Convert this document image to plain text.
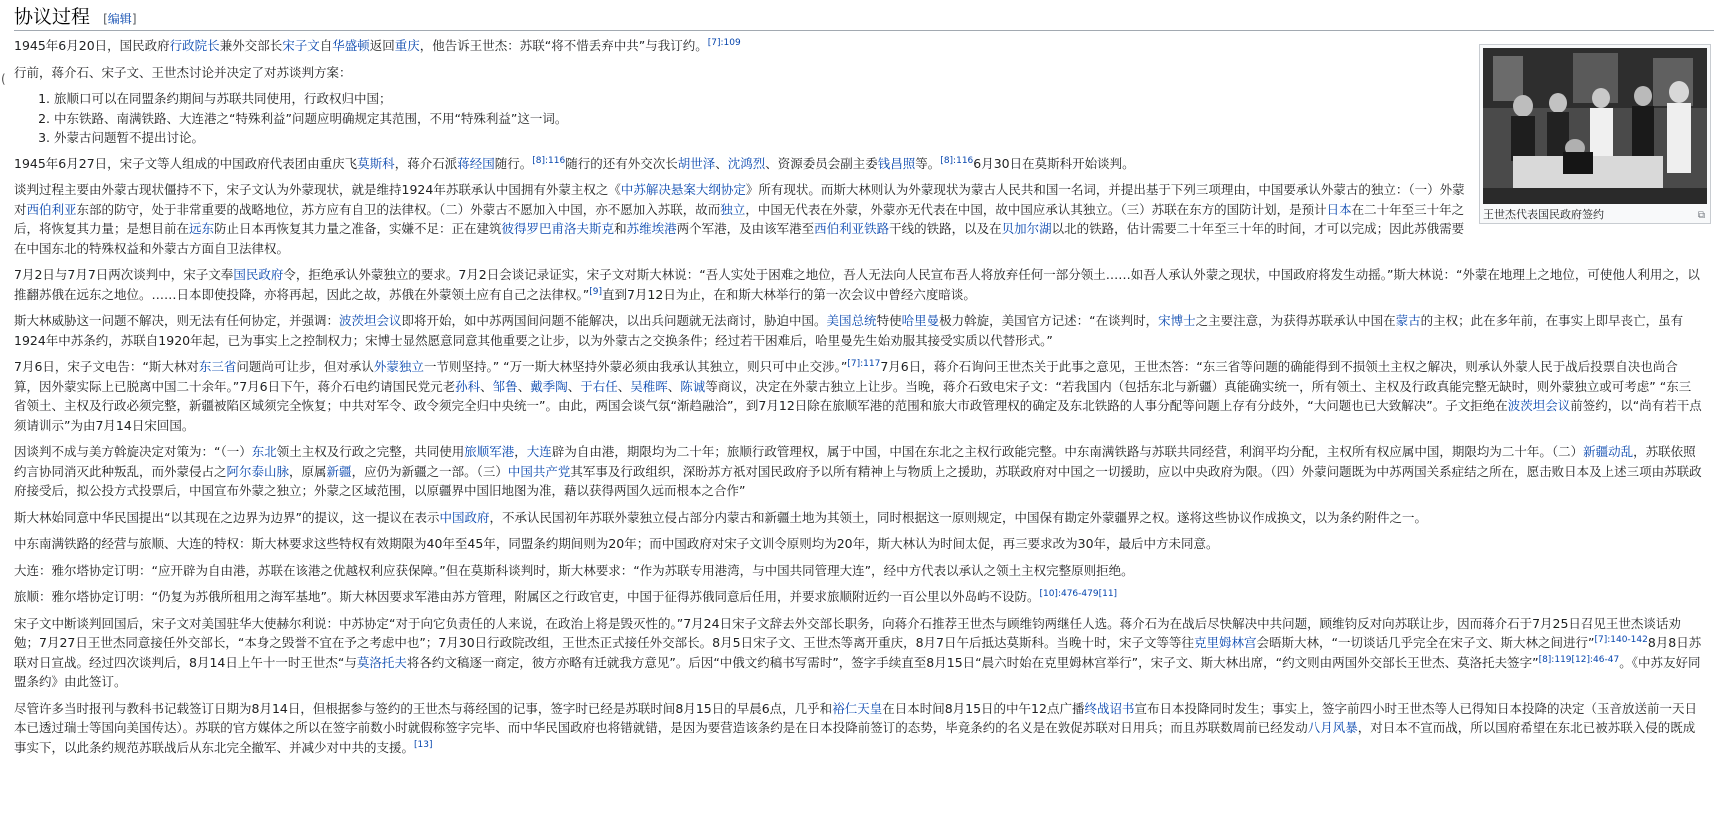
协议过程 [编辑]
(
王世杰代表国民政府签约	⧉

1945年6月20日，国民政府行政院长兼外交部长宋子文自华盛顿返回重庆，他告诉王世杰：苏联“将不惜丢弃中共”与我订约。$^{[7]:109}$

行前，蒋介石、宋子文、王世杰讨论并决定了对苏谈判方案：

1. 旅顺口可以在同盟条约期间与苏联共同使用，行政权归中国；
2. 中东铁路、南满铁路、大连港之“特殊利益”问题应明确规定其范围，不用“特殊利益”这一词。
3. 外蒙古问题暂不提出讨论。

1945年6月27日，宋子文等人组成的中国政府代表团由重庆飞莫斯科，蒋介石派蒋经国随行。$^{[8]:116}$随行的还有外交次长胡世泽、沈鸿烈、资源委员会副主委钱昌照等。$^{[8]:116}$6月30日在莫斯科开始谈判。

谈判过程主要由外蒙古现状僵持不下，宋子文认为外蒙现状，就是维持1924年苏联承认中国拥有外蒙主权之《中苏解决悬案大纲协定》所有现状。而斯大林则认为外蒙现状为蒙古人民共和国一名词，并提出基于下列三项理由，中国要承认外蒙古的独立：（一）外蒙对西伯利亚东部的防守，处于非常重要的战略地位，苏方应有自卫的法律权。（二）外蒙古不愿加入中国，亦不愿加入苏联，故而独立，中国无代表在外蒙，外蒙亦无代表在中国，故中国应承认其独立。（三）苏联在东方的国防计划，是预计日本在二十年至三十年之后，将恢复其力量；是想目前在远东防止日本再恢复其力量之准备，实嫌不足：正在建筑彼得罗巴甫洛夫斯克和苏维埃港两个军港，及由该军港至西伯利亚铁路干线的铁路，以及在贝加尔湖以北的铁路，估计需要二十年至三十年的时间，才可以完成；因此苏俄需要在中国东北的特殊权益和外蒙古方面自卫法律权。

7月2日与7月7日两次谈判中，宋子文奉国民政府令，拒绝承认外蒙独立的要求。7月2日会谈记录证实，宋子文对斯大林说：“吾人实处于困难之地位，吾人无法向人民宣布吾人将放弃任何一部分领土……如吾人承认外蒙之现状，中国政府将发生动摇。”斯大林说：“外蒙在地理上之地位，可使他人利用之，以推翻苏俄在远东之地位。……日本即使投降，亦将再起，因此之故，苏俄在外蒙领土应有自己之法律权。”[9]直到7月12日为止，在和斯大林举行的第一次会议中曾经六度暗谈。

斯大林威胁这一问题不解决，则无法有任何协定，并强调：波茨坦会议即将开始，如中苏两国间问题不能解决，以出兵问题就无法商讨，胁迫中国。美国总统特使哈里曼极力斡旋，美国官方记述：“在谈判时，宋博士之主要注意，为获得苏联承认中国在蒙古的主权；此在多年前，在事实上即早丧亡，虽有1924年中苏条约，苏联自1920年起，已为事实上之控制权力；宋博士显然愿意同意其他重要之让步，以为外蒙古之交换条件；经过若干困难后，哈里曼先生始劝服其接受实质以代替形式。”

7月6日，宋子文电告：“斯大林对东三省问题尚可让步，但对承认外蒙独立一节则坚持。” “万一斯大林坚持外蒙必须由我承认其独立，则只可中止交涉。”$^{[7]:117}$7月6日，蒋介石询问王世杰关于此事之意见，王世杰答：“东三省等问题的确能得到不损领土主权之解决，则承认外蒙人民于战后投票自决也尚合算，因外蒙实际上已脱离中国二十余年。”7月6日下午，蒋介石电约请国民党元老孙科、邹鲁、戴季陶、于右任、吴稚晖、陈诚等商议，决定在外蒙古独立上让步。当晚，蒋介石致电宋子文：“若我国内（包括东北与新疆）真能确实统一，所有领土、主权及行政真能完整无缺时，则外蒙独立或可考虑” “东三省领土、主权及行政必须完整，新疆被陷区域须完全恢复；中共对军令、政令须完全归中央统一”。由此，两国会谈气氛“渐趋融洽”，到7月12日除在旅顺军港的范围和旅大市政管理权的确定及东北铁路的人事分配等问题上存有分歧外，“大问题也已大致解决”。子文拒绝在波茨坦会议前签约，以“尚有若干点须请训示”为由7月14日宋回国。

因谈判不成与美方斡旋决定对策为：“（一）东北领土主权及行政之完整，共同使用旅顺军港，大连辟为自由港，期限均为二十年；旅顺行政管理权，属于中国，中国在东北之主权行政能完整。中东南满铁路与苏联共同经营，利润平均分配，主权所有权应属中国，期限均为二十年。（二）新疆动乱，苏联依照约言协同消灭此种叛乱，而外蒙侵占之阿尔泰山脉，原属新疆，应仍为新疆之一部。（三）中国共产党其军事及行政组织，深盼苏方祇对国民政府予以所有精神上与物质上之援助，苏联政府对中国之一切援助，应以中央政府为限。（四）外蒙问题既为中苏两国关系症结之所在，愿击败日本及上述三项由苏联政府接受后，拟公投方式投票后，中国宣布外蒙之独立；外蒙之区域范围，以原疆界中国旧地图为准，藉以获得两国久远而根本之合作”

斯大林始同意中华民国提出“以其现在之边界为边界”的提议，这一提议在表示中国政府，不承认民国初年苏联外蒙独立侵占部分内蒙古和新疆土地为其领土，同时根据这一原则规定，中国保有勘定外蒙疆界之权。遂将这些协议作成换文，以为条约附件之一。

中东南满铁路的经营与旅顺、大连的特权：斯大林要求这些特权有效期限为40年至45年，同盟条约期间则为20年；而中国政府对宋子文训令原则均为20年，斯大林认为时间太促，再三要求改为30年，最后中方未同意。

大连：雅尔塔协定订明：“应开辟为自由港，苏联在该港之优越权利应获保障。”但在莫斯科谈判时，斯大林要求：“作为苏联专用港湾，与中国共同管理大连”，经中方代表以承认之领土主权完整原则拒绝。

旅顺：雅尔塔协定订明：“仍复为苏俄所租用之海军基地”。斯大林因要求军港由苏方管理，附属区之行政官吏，中国于征得苏俄同意后任用，并要求旅顺附近约一百公里以外岛屿不设防。[10]:476-479[11]

宋子文中断谈判回国后，宋子文对美国驻华大使赫尔利说：中苏协定“对于向它负责任的人来说，在政治上将是毁灭性的。”7月24日宋子文辞去外交部长职务，向蒋介石推荐王世杰与顾维钧两继任人选。蒋介石为在战后尽快解决中共问题，顾维钧反对向苏联让步，因而蒋介石于7月25日召见王世杰谈话劝勉；7月27日王世杰同意接任外交部长，“本身之毁誉不宜在予之考虑中也”；7月30日行政院改组，王世杰正式接任外交部长。8月5日宋子文、王世杰等离开重庆，8月7日午后抵达莫斯科。当晚十时，宋子文等等往克里姆林宫会晤斯大林，“一切谈话几乎完全在宋子文、斯大林之间进行”$^{[7]:140-142}$8月8日苏联对日宣战。经过四次谈判后，8月14日上午十一时王世杰“与莫洛托夫将各约文稿逐一商定，彼方亦略有迁就我方意见”。后因“中俄文约稿书写需时”，签字手续直至8月15日“晨六时始在克里姆林宫举行”，宋子文、斯大林出席，“约文则由两国外交部长王世杰、莫洛托夫签字”$^{[8]:119[12]:46-47}$。《中苏友好同盟条约》由此签订。

尽管许多当时报刊与教科书记载签订日期为8月14日，但根据参与签约的王世杰与蒋经国的记事，签字时已经是苏联时间8月15日的早晨6点，几乎和裕仁天皇在日本时间8月15日的中午12点广播终战诏书宣布日本投降同时发生；事实上，签字前四小时王世杰等人已得知日本投降的决定（玉音放送前一天日本已透过瑞士等国向美国传达）。苏联的官方媒体之所以在签字前数小时就假称签字完毕、而中华民国政府也将错就错，是因为要营造该条约是在日本投降前签订的态势，毕竟条约的名义是在敦促苏联对日用兵；而且苏联数周前已经发动八月风暴，对日本不宣而战，所以国府希望在东北已被苏联入侵的既成事实下，以此条约规范苏联战后从东北完全撤军、并减少对中共的支援。[13]
